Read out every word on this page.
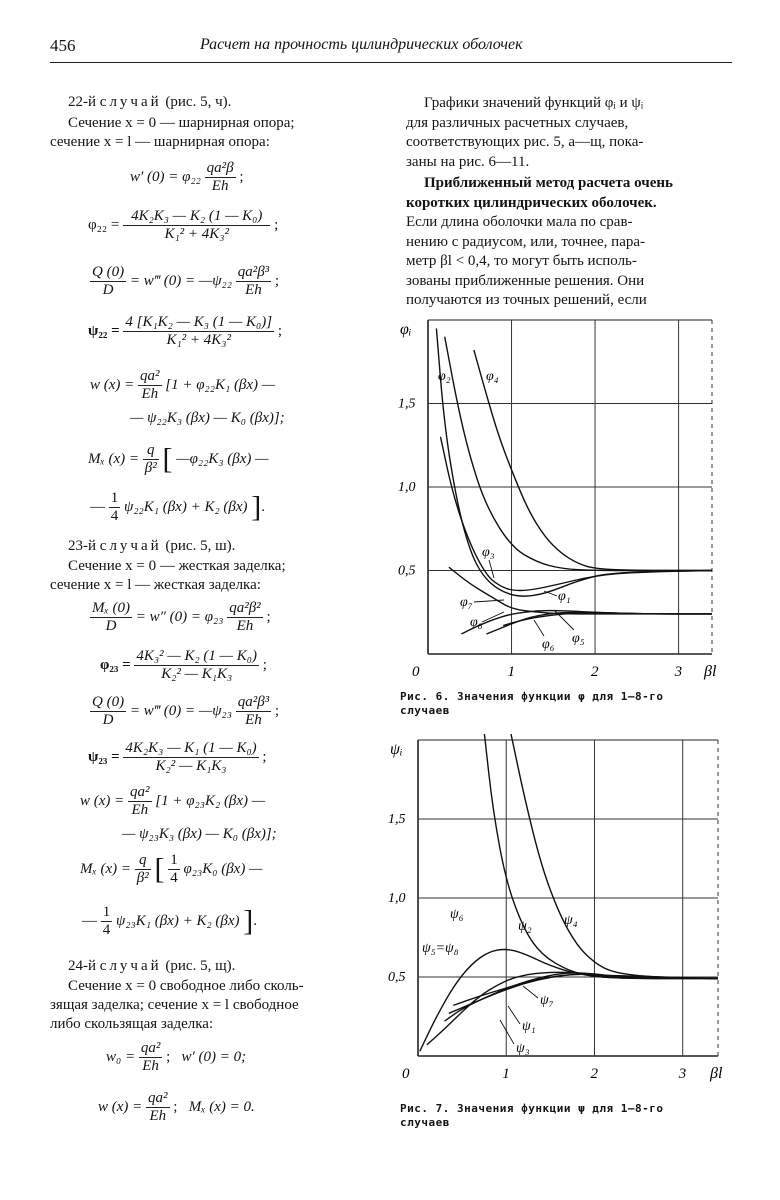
456	Расчет на прочность цилиндрических оболочек
22-й случай (рис. 5, ч).
Сечение x = 0 — шарнирная опора;
сечение x = l — шарнирная опора:
w′ $(0) = \varphi_{22} \frac{\text{qa²β}}{Eh}$ ;
$\varphi_{22} = \frac{\text{4K₂K₃ — K₂ (1 — K₀)}}{\text{K₁² + 4K₃²}}$ ;
$\frac{Q (0)}{D}$ = w‴ (0) = —ψ₂₂ $\frac{\text{qa²β³}}{Eh}$ ;
$\psi_{22} = \frac{\text{4 [K₁K₂ — K₃ (1 — K₀)]}}{\text{K₁² + 4K₃²}}$ ;
w $(x) = \frac{\text{qa²}}{Eh} [1 + \varphi_{22}K_1$ (βx) —
— ψ₂₂K₃ (βx) — K₀ (βx)];
Mₓ $(x) = \frac{q}{\text{β²}}$ [ —φ₂₂K₃ (βx) —
— $\frac{1}{4} \psi_{22}K_1$ (βx) + K₂ (βx) ].
23-й случай (рис. 5, ш).
Сечение x = 0 — жесткая заделка;
сечение x = l — жесткая заделка:
$\frac{\text{Mₓ (0)}}{D} = w''$ $(0) = \varphi_{23} \frac{\text{qa²β²}}{Eh}$ ;
$\varphi_{23} = \frac{\text{4K₃² — K₂ (1 — K₀)}}{\text{K₂² — K₁K₃}}$ ;
$\frac{Q (0)}{D}$ = w‴ (0) = —ψ₂₃ $\frac{\text{qa²β³}}{Eh}$ ;
$\psi_{23} = \frac{\text{4K₂K₃ — K₁ (1 — K₀)}}{\text{K₂² — K₁K₃}}$ ;
w $(x) = \frac{\text{qa²}}{Eh} [1 + \varphi_{23}K_2$ (βx) —
— ψ₂₃K₃ (βx) — K₀ (βx)];
Mₓ $(x) = \frac{q}{\text{β²}}$ [ $\frac{1}{4} \varphi_{23}K_0$ (βx) —
— $\frac{1}{4} \psi_{23}K_1$ (βx) + K₂ (βx) ].
24-й случай (рис. 5, щ).
Сечение x = 0 свободное либо сколь-
зящая заделка; сечение x = l свободное
либо скользящая заделка:
$w_0 = \frac{\text{qa²}}{Eh}$ ;   w′ (0) = 0;
w $(x) = \frac{\text{qa²}}{Eh}$ ;   Mₓ (x) = 0.
Графики значений функций φᵢ и ψᵢ
для различных расчетных случаев,
соответствующих рис. 5, а—щ, пока-
заны на рис. 6—11.
Приближенный метод расчета очень
коротких цилиндрических оболочек.
Если длина оболочки мала по срав-
нению с радиусом, или, точнее, пара-
метр βl < 0,4, то могут быть исполь-
зованы приближенные решения. Они
получаются из точных решений, если
0	1	2	3
0,5
1,0
1,5
φᵢ
βl
φ₂	φ₄
φ₁
φ₃
φ₇
φ₈
φ₆ φ₅
Рис. 6. Значения функции φ для 1—8-го
случаев
0	1	2	3
0,5
1,0
1,5
ψᵢ
βl
ψ₂ ψ₄
ψ₆
ψ₅=ψ₈
ψ₇
ψ₁
ψ₃
Рис. 7. Значения функции ψ для 1—8-го
случаев
